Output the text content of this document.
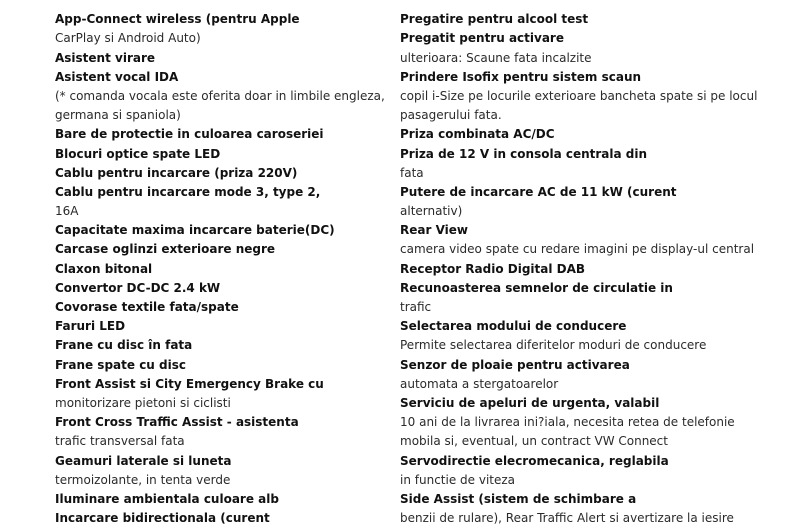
App-Connect wireless (pentru Apple
CarPlay si Android Auto)
Asistent virare
Asistent vocal IDA
(* comanda vocala este oferita doar in limbile engleza,
germana si spaniola)
Bare de protectie in culoarea caroseriei
Blocuri optice spate LED
Cablu pentru incarcare (priza 220V)
Cablu pentru incarcare mode 3, type 2,
16A
Capacitate maxima incarcare baterie(DC)
Carcase oglinzi exterioare negre
Claxon bitonal
Convertor DC-DC 2.4 kW
Covorase textile fata/spate
Faruri LED
Frane cu disc în fata
Frane spate cu disc
Front Assist si City Emergency Brake cu
monitorizare pietoni si ciclisti
Front Cross Traffic Assist - asistenta
trafic transversal fata
Geamuri laterale si luneta
termoizolante, in tenta verde
Iluminare ambientala culoare alb
Incarcare bidirectionala (curent
Pregatire pentru alcool test
Pregatit pentru activare
ulterioara: Scaune fata incalzite
Prindere Isofix pentru sistem scaun
copil i-Size pe locurile exterioare bancheta spate si pe locul
pasagerului fata.
Priza combinata AC/DC
Priza de 12 V in consola centrala din
fata
Putere de incarcare AC de 11 kW (curent
alternativ)
Rear View
camera video spate cu redare imagini pe display-ul central
Receptor Radio Digital DAB
Recunoasterea semnelor de circulatie in
trafic
Selectarea modului de conducere
Permite selectarea diferitelor moduri de conducere
Senzor de ploaie pentru activarea
automata a stergatoarelor
Serviciu de apeluri de urgenta, valabil
10 ani de la livrarea ini?iala, necesita retea de telefonie
mobila si, eventual, un contract VW Connect
Servodirectie elecromecanica, reglabila
in functie de viteza
Side Assist (sistem de schimbare a
benzii de rulare), Rear Traffic Alert si avertizare la iesire
